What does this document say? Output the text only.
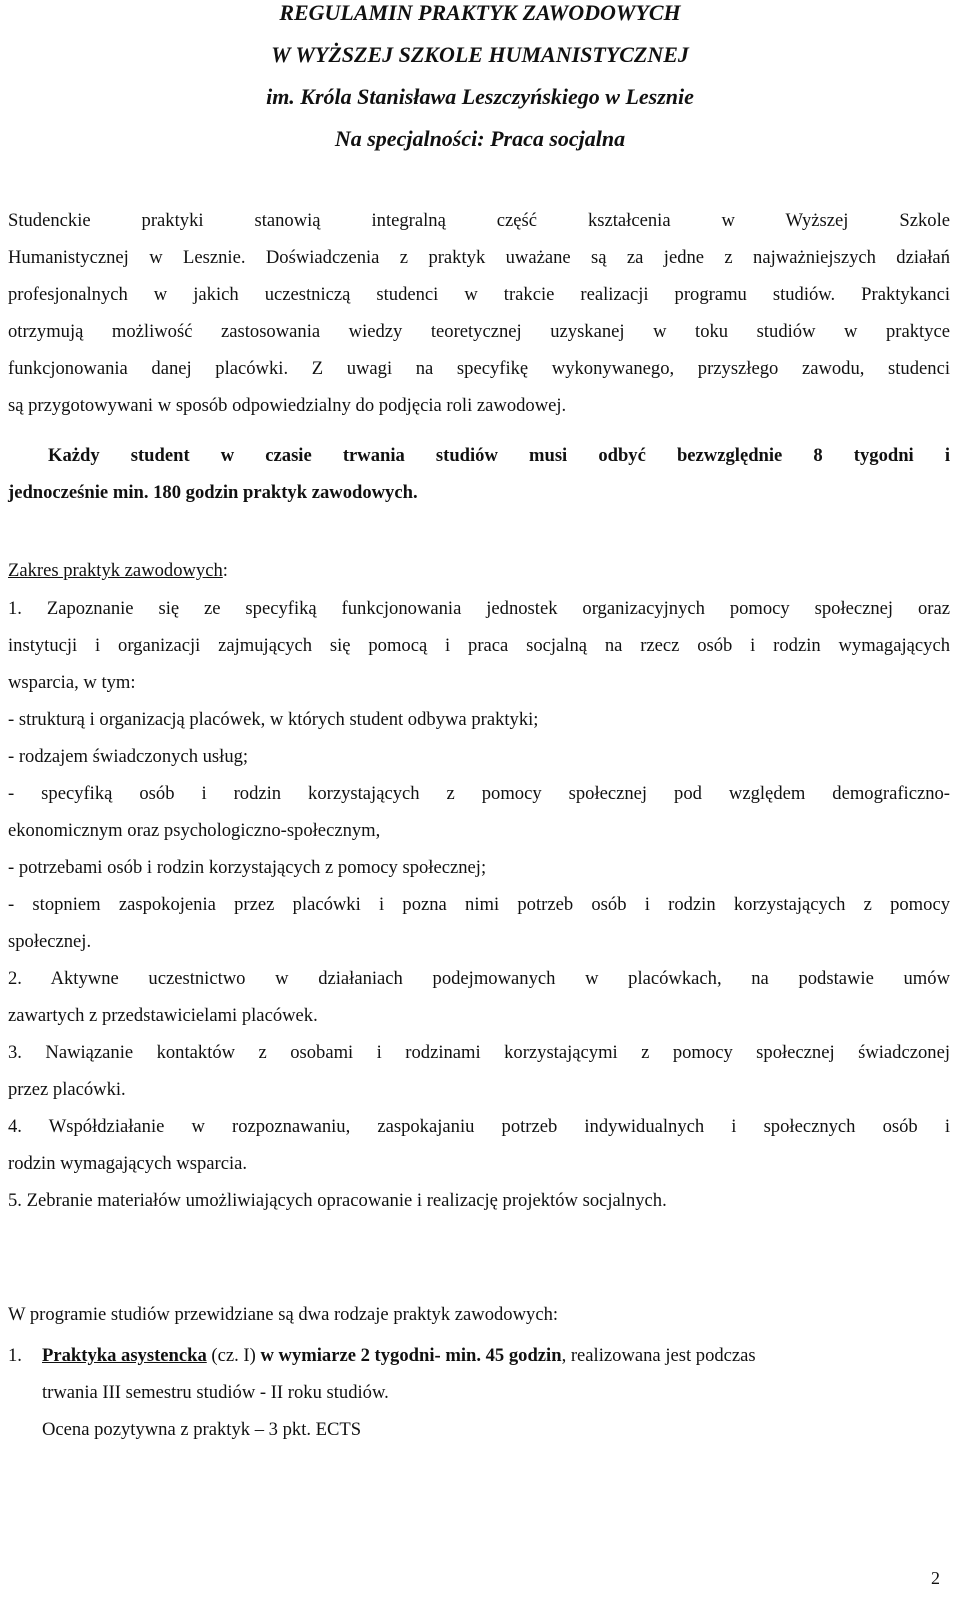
REGULAMIN PRAKTYK ZAWODOWYCH
W WYŻSZEJ SZKOLE HUMANISTYCZNEJ
im. Króla Stanisława Leszczyńskiego w Lesznie
Na specjalności: Praca socjalna
Studenckie praktyki stanowią integralną część kształcenia w Wyższej Szkole
Humanistycznej w Lesznie. Doświadczenia z praktyk uważane są za jedne z najważniejszych działań
profesjonalnych w jakich uczestniczą studenci w trakcie realizacji programu studiów. Praktykanci
otrzymują możliwość zastosowania wiedzy teoretycznej uzyskanej w toku studiów w praktyce
funkcjonowania danej placówki. Z uwagi na specyfikę wykonywanego, przyszłego zawodu, studenci
są przygotowywani w sposób odpowiedzialny do podjęcia roli zawodowej.
Każdy student w czasie trwania studiów musi odbyć bezwzględnie 8 tygodni i
jednocześnie min. 180 godzin praktyk zawodowych.
Zakres praktyk zawodowych:
1. Zapoznanie się ze specyfiką funkcjonowania jednostek organizacyjnych pomocy społecznej oraz
instytucji i organizacji zajmujących się pomocą i praca socjalną na rzecz osób i rodzin wymagających
wsparcia, w tym:
- strukturą i organizacją placówek, w których student odbywa praktyki;
- rodzajem świadczonych usług;
- specyfiką osób i rodzin korzystających z pomocy społecznej pod względem demograficzno-
ekonomicznym oraz psychologiczno-społecznym,
- potrzebami osób i rodzin korzystających z pomocy społecznej;
- stopniem zaspokojenia przez placówki i pozna nimi potrzeb osób i rodzin korzystających z pomocy
społecznej.
2. Aktywne uczestnictwo w działaniach podejmowanych w placówkach, na podstawie umów
zawartych z przedstawicielami placówek.
3. Nawiązanie kontaktów z osobami i rodzinami korzystającymi z pomocy społecznej świadczonej
przez placówki.
4. Współdziałanie w rozpoznawaniu, zaspokajaniu potrzeb indywidualnych i społecznych osób i
rodzin wymagających wsparcia.
5. Zebranie materiałów umożliwiających opracowanie i realizację projektów socjalnych.
W programie studiów przewidziane są dwa rodzaje praktyk zawodowych:
1. Praktyka asystencka (cz. I) w wymiarze 2 tygodni- min. 45 godzin, realizowana jest podczas
trwania III semestru studiów - II roku studiów.
Ocena pozytywna z praktyk – 3 pkt. ECTS
2
